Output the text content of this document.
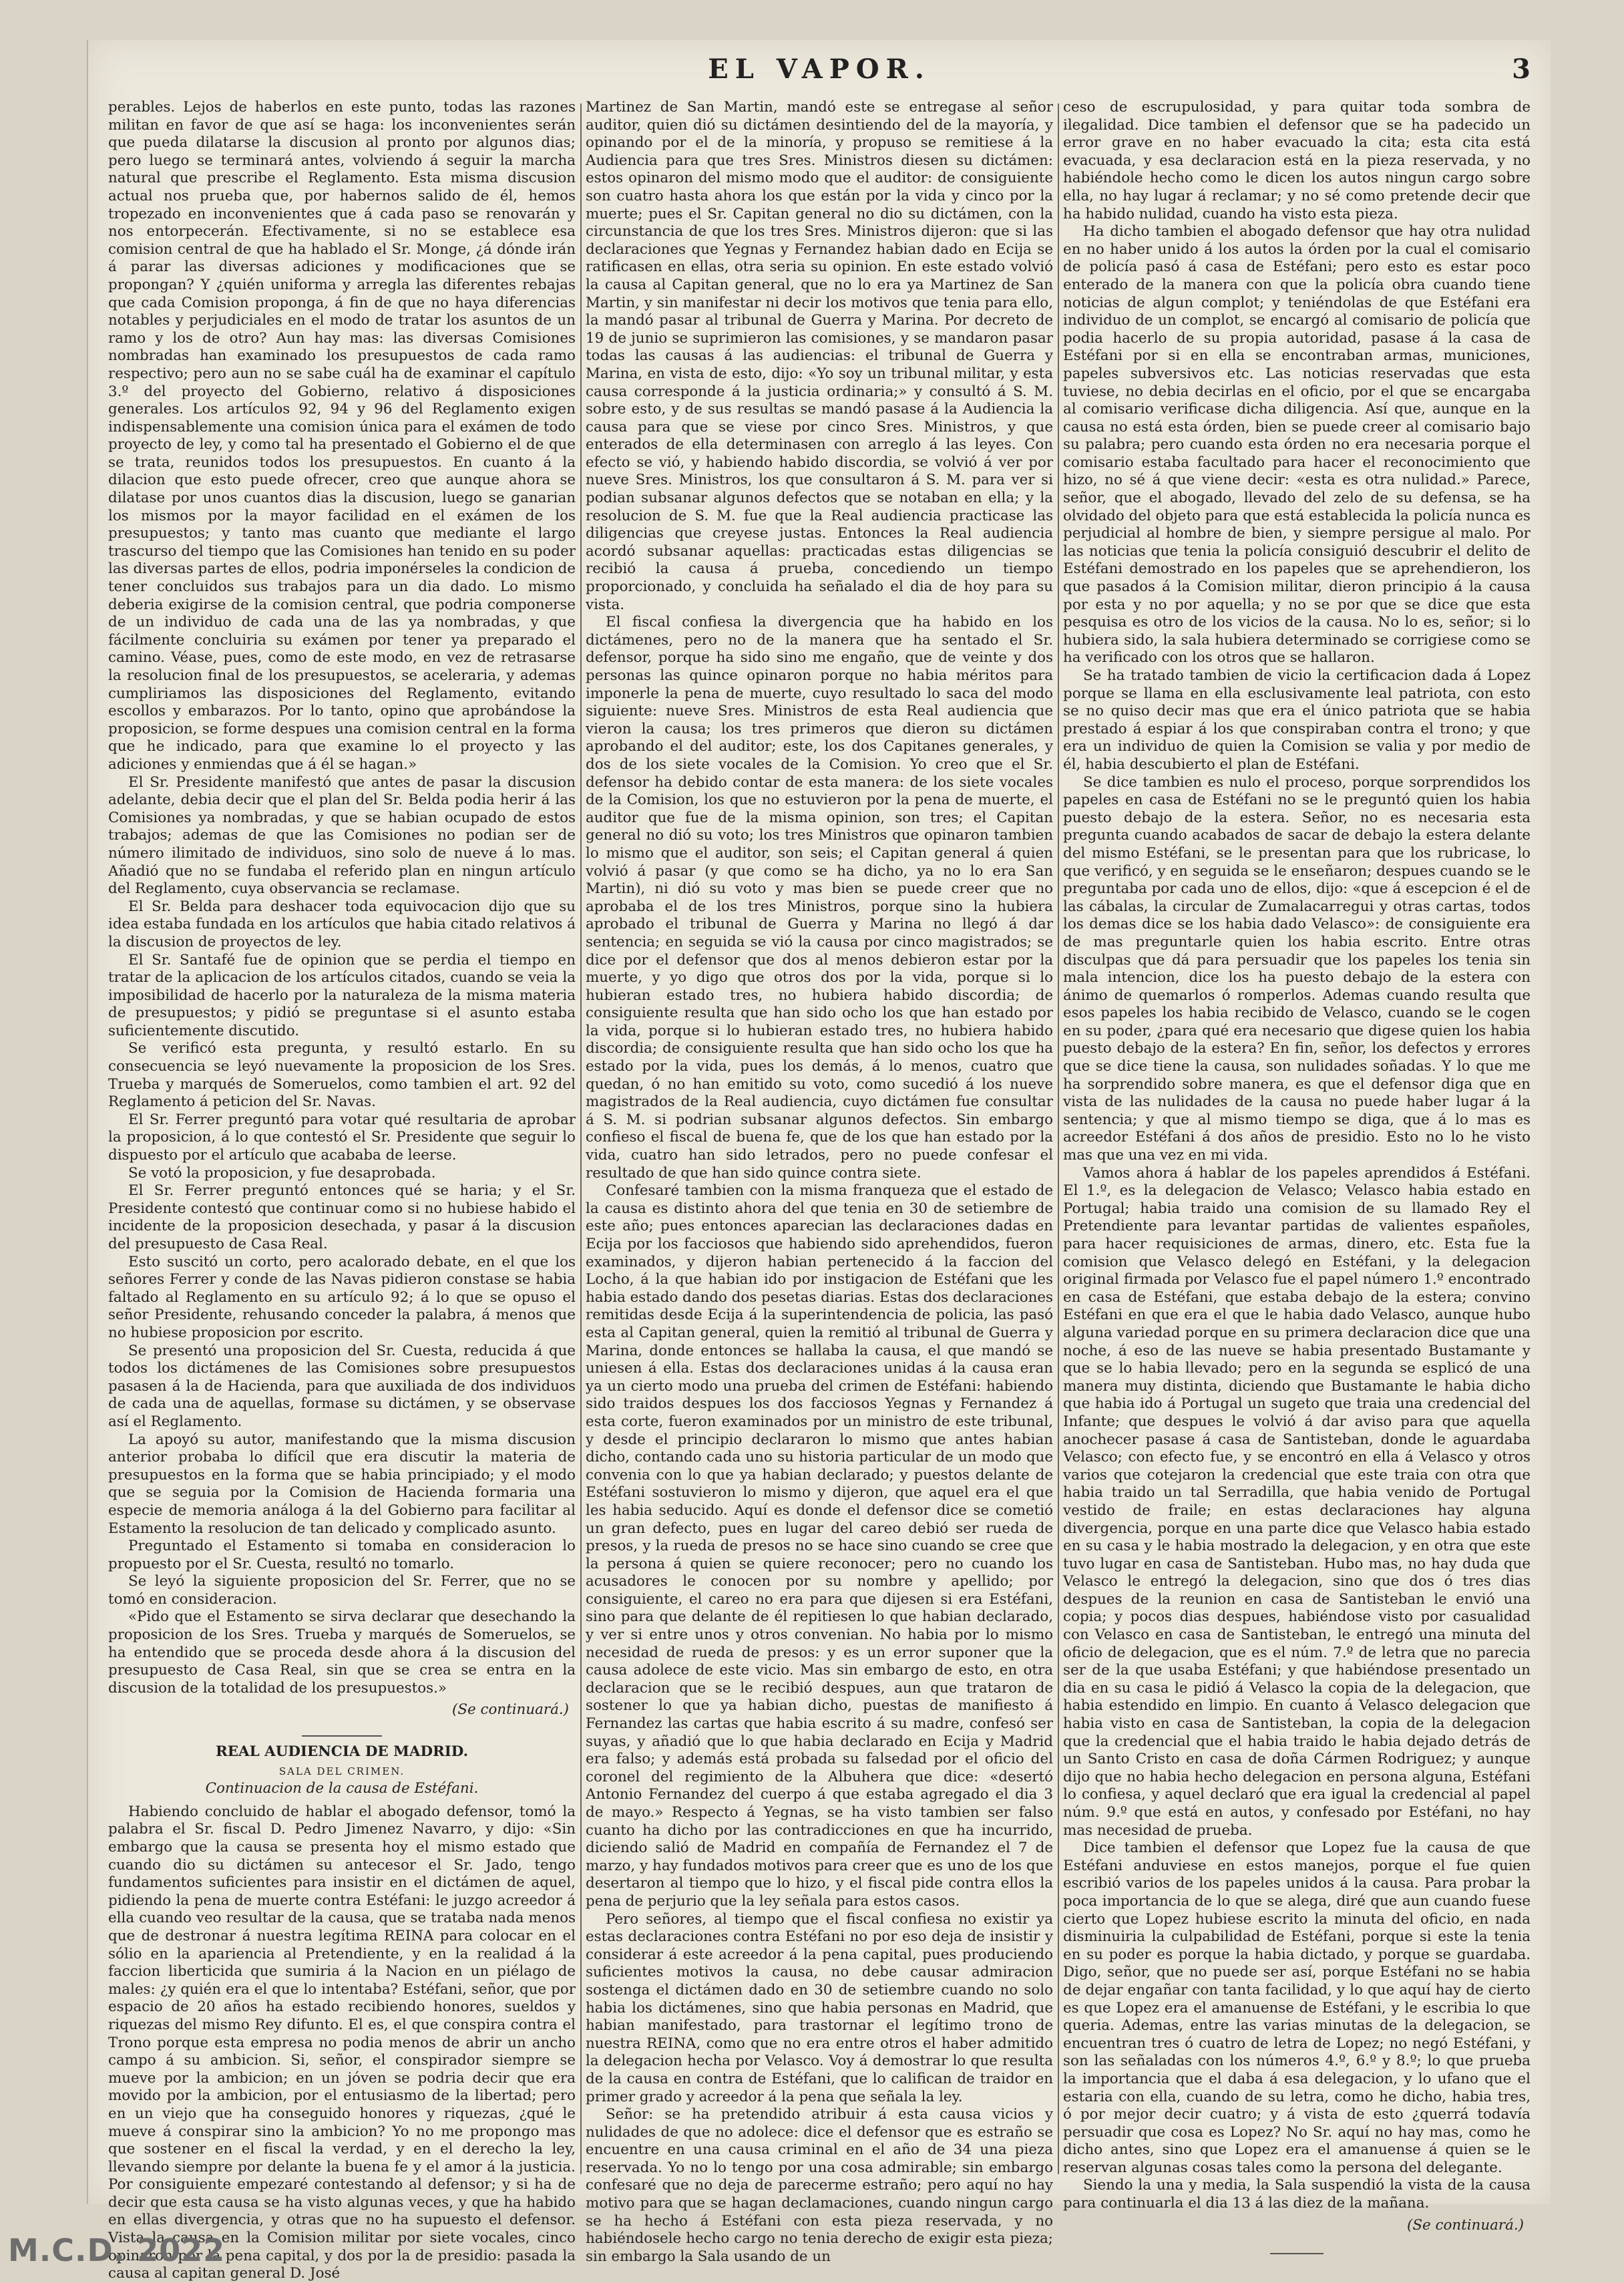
EL VAPOR.	3

perables. Lejos de haberlos en este punto, todas las razones militan en favor de que así se haga: los inconvenientes serán que pueda dilatarse la discusion al pronto por algunos dias; pero luego se terminará antes, volviendo á seguir la marcha natural que prescribe el Reglamento. Esta misma discusion actual nos prueba que, por habernos salido de él, hemos tropezado en inconvenientes que á cada paso se renovarán y nos entorpecerán. Efectivamente, si no se establece esa comision central de que ha hablado el Sr. Monge, ¿á dónde irán á parar las diversas adiciones y modificaciones que se propongan? Y ¿quién uniforma y arregla las diferentes rebajas que cada Comision proponga, á fin de que no haya diferencias notables y perjudiciales en el modo de tratar los asuntos de un ramo y los de otro? Aun hay mas: las diversas Comisiones nombradas han examinado los presupuestos de cada ramo respectivo; pero aun no se sabe cuál ha de examinar el capítulo 3.º del proyecto del Gobierno, relativo á disposiciones generales. Los artículos 92, 94 y 96 del Reglamento exigen indispensablemente una comision única para el exámen de todo proyecto de ley, y como tal ha presentado el Gobierno el de que se trata, reunidos todos los presupuestos. En cuanto á la dilacion que esto puede ofrecer, creo que aunque ahora se dilatase por unos cuantos dias la discusion, luego se ganarian los mismos por la mayor facilidad en el exámen de los presupuestos; y tanto mas cuanto que mediante el largo trascurso del tiempo que las Comisiones han tenido en su poder las diversas partes de ellos, podria imponérseles la condicion de tener concluidos sus trabajos para un dia dado. Lo mismo deberia exigirse de la comision central, que podria componerse de un individuo de cada una de las ya nombradas, y que fácilmente concluiria su exámen por tener ya preparado el camino. Véase, pues, como de este modo, en vez de retrasarse la resolucion final de los presupuestos, se aceleraria, y ademas cumpliriamos las disposiciones del Reglamento, evitando escollos y embarazos. Por lo tanto, opino que aprobándose la proposicion, se forme despues una comision central en la forma que he indicado, para que examine lo el proyecto y las adiciones y enmiendas que á él se hagan.»

El Sr. Presidente manifestó que antes de pasar la discusion adelante, debia decir que el plan del Sr. Belda podia herir á las Comisiones ya nombradas, y que se habian ocupado de estos trabajos; ademas de que las Comisiones no podian ser de número ilimitado de individuos, sino solo de nueve á lo mas. Añadió que no se fundaba el referido plan en ningun artículo del Reglamento, cuya observancia se reclamase.

El Sr. Belda para deshacer toda equivocacion dijo que su idea estaba fundada en los artículos que habia citado relativos á la discusion de proyectos de ley.

El Sr. Santafé fue de opinion que se perdia el tiempo en tratar de la aplicacion de los artículos citados, cuando se veia la imposibilidad de hacerlo por la naturaleza de la misma materia de presupuestos; y pidió se preguntase si el asunto estaba suficientemente discutido.

Se verificó esta pregunta, y resultó estarlo. En su consecuencia se leyó nuevamente la proposicion de los Sres. Trueba y marqués de Someruelos, como tambien el art. 92 del Reglamento á peticion del Sr. Navas.

El Sr. Ferrer preguntó para votar qué resultaria de aprobar la proposicion, á lo que contestó el Sr. Presidente que seguir lo dispuesto por el artículo que acababa de leerse.

Se votó la proposicion, y fue desaprobada.

El Sr. Ferrer preguntó entonces qué se haria; y el Sr. Presidente contestó que continuar como si no hubiese habido el incidente de la proposicion desechada, y pasar á la discusion del presupuesto de Casa Real.

Esto suscitó un corto, pero acalorado debate, en el que los señores Ferrer y conde de las Navas pidieron constase se habia faltado al Reglamento en su artículo 92; á lo que se opuso el señor Presidente, rehusando conceder la palabra, á menos que no hubiese proposicion por escrito.

Se presentó una proposicion del Sr. Cuesta, reducida á que todos los dictámenes de las Comisiones sobre presupuestos pasasen á la de Hacienda, para que auxiliada de dos individuos de cada una de aquellas, formase su dictámen, y se observase así el Reglamento.

La apoyó su autor, manifestando que la misma discusion anterior probaba lo difícil que era discutir la materia de presupuestos en la forma que se habia principiado; y el modo que se seguia por la Comision de Hacienda formaria una especie de memoria análoga á la del Gobierno para facilitar al Estamento la resolucion de tan delicado y complicado asunto.

Preguntado el Estamento si tomaba en consideracion lo propuesto por el Sr. Cuesta, resultó no tomarlo.

Se leyó la siguiente proposicion del Sr. Ferrer, que no se tomó en consideracion.

«Pido que el Estamento se sirva declarar que desechando la proposicion de los Sres. Trueba y marqués de Someruelos, se ha entendido que se proceda desde ahora á la discusion del presupuesto de Casa Real, sin que se crea se entra en la discusion de la totalidad de los presupuestos.»

(Se continuará.)
REAL AUDIENCIA DE MADRID.
SALA DEL CRIMEN.
Continuacion de la causa de Estéfani.

Habiendo concluido de hablar el abogado defensor, tomó la palabra el Sr. fiscal D. Pedro Jimenez Navarro, y dijo: «Sin embargo que la causa se presenta hoy el mismo estado que cuando dio su dictámen su antecesor el Sr. Jado, tengo fundamentos suficientes para insistir en el dictámen de aquel, pidiendo la pena de muerte contra Estéfani: le juzgo acreedor á ella cuando veo resultar de la causa, que se trataba nada menos que de destronar á nuestra legítima REINA para colocar en el sólio en la apariencia al Pretendiente, y en la realidad á la faccion liberticida que sumiria á la Nacion en un piélago de males: ¿y quién era el que lo intentaba? Estéfani, señor, que por espacio de 20 años ha estado recibiendo honores, sueldos y riquezas del mismo Rey difunto. El es, el que conspira contra el Trono porque esta empresa no podia menos de abrir un ancho campo á su ambicion. Si, señor, el conspirador siempre se mueve por la ambicion; en un jóven se podria decir que era movido por la ambicion, por el entusiasmo de la libertad; pero en un viejo que ha conseguido honores y riquezas, ¿qué le mueve á conspirar sino la ambicion? Yo no me propongo mas que sostener en el fiscal la verdad, y en el derecho la ley, llevando siempre por delante la buena fe y el amor á la justicia. Por consiguiente empezaré contestando al defensor; y si ha de decir que esta causa se ha visto algunas veces, y que ha habido en ellas divergencia, y otras que no ha supuesto el defensor. Vista la causa en la Comision militar por siete vocales, cinco opinaron por la pena capital, y dos por la de presidio: pasada la causa al capitan general D. José

Martinez de San Martin, mandó este se entregase al señor auditor, quien dió su dictámen desintiendo del de la mayoría, y opinando por el de la minoría, y propuso se remitiese á la Audiencia para que tres Sres. Ministros diesen su dictámen: estos opinaron del mismo modo que el auditor: de consiguiente son cuatro hasta ahora los que están por la vida y cinco por la muerte; pues el Sr. Capitan general no dio su dictámen, con la circunstancia de que los tres Sres. Ministros dijeron: que si las declaraciones que Yegnas y Fernandez habian dado en Ecija se ratificasen en ellas, otra seria su opinion. En este estado volvió la causa al Capitan general, que no lo era ya Martinez de San Martin, y sin manifestar ni decir los motivos que tenia para ello, la mandó pasar al tribunal de Guerra y Marina. Por decreto de 19 de junio se suprimieron las comisiones, y se mandaron pasar todas las causas á las audiencias: el tribunal de Guerra y Marina, en vista de esto, dijo: «Yo soy un tribunal militar, y esta causa corresponde á la justicia ordinaria;» y consultó á S. M. sobre esto, y de sus resultas se mandó pasase á la Audiencia la causa para que se viese por cinco Sres. Ministros, y que enterados de ella determinasen con arreglo á las leyes. Con efecto se vió, y habiendo habido discordia, se volvió á ver por nueve Sres. Ministros, los que consultaron á S. M. para ver si podian subsanar algunos defectos que se notaban en ella; y la resolucion de S. M. fue que la Real audiencia practicase las diligencias que creyese justas. Entonces la Real audiencia acordó subsanar aquellas: practicadas estas diligencias se recibió la causa á prueba, concediendo un tiempo proporcionado, y concluida ha señalado el dia de hoy para su vista.

El fiscal confiesa la divergencia que ha habido en los dictámenes, pero no de la manera que ha sentado el Sr. defensor, porque ha sido sino me engaño, que de veinte y dos personas las quince opinaron porque no habia méritos para imponerle la pena de muerte, cuyo resultado lo saca del modo siguiente: nueve Sres. Ministros de esta Real audiencia que vieron la causa; los tres primeros que dieron su dictámen aprobando el del auditor; este, los dos Capitanes generales, y dos de los siete vocales de la Comision. Yo creo que el Sr. defensor ha debido contar de esta manera: de los siete vocales de la Comision, los que no estuvieron por la pena de muerte, el auditor que fue de la misma opinion, son tres; el Capitan general no dió su voto; los tres Ministros que opinaron tambien lo mismo que el auditor, son seis; el Capitan general á quien volvió á pasar (y que como se ha dicho, ya no lo era San Martin), ni dió su voto y mas bien se puede creer que no aprobaba el de los tres Ministros, porque sino la hubiera aprobado el tribunal de Guerra y Marina no llegó á dar sentencia; en seguida se vió la causa por cinco magistrados; se dice por el defensor que dos al menos debieron estar por la muerte, y yo digo que otros dos por la vida, porque si lo hubieran estado tres, no hubiera habido discordia; de consiguiente resulta que han sido ocho los que han estado por la vida, porque si lo hubieran estado tres, no hubiera habido discordia; de consiguiente resulta que han sido ocho los que ha estado por la vida, pues los demás, á lo menos, cuatro que quedan, ó no han emitido su voto, como sucedió á los nueve magistrados de la Real audiencia, cuyo dictámen fue consultar á S. M. si podrian subsanar algunos defectos. Sin embargo confieso el fiscal de buena fe, que de los que han estado por la vida, cuatro han sido letrados, pero no puede confesar el resultado de que han sido quince contra siete.

Confesaré tambien con la misma franqueza que el estado de la causa es distinto ahora del que tenia en 30 de setiembre de este año; pues entonces aparecian las declaraciones dadas en Ecija por los facciosos que habiendo sido aprehendidos, fueron examinados, y dijeron habian pertenecido á la faccion del Locho, á la que habian ido por instigacion de Estéfani que les habia estado dando dos pesetas diarias. Estas dos declaraciones remitidas desde Ecija á la superintendencia de policia, las pasó esta al Capitan general, quien la remitió al tribunal de Guerra y Marina, donde entonces se hallaba la causa, el que mandó se uniesen á ella. Estas dos declaraciones unidas á la causa eran ya un cierto modo una prueba del crimen de Estéfani: habiendo sido traidos despues los dos facciosos Yegnas y Fernandez á esta corte, fueron examinados por un ministro de este tribunal, y desde el principio declararon lo mismo que antes habian dicho, contando cada uno su historia particular de un modo que convenia con lo que ya habian declarado; y puestos delante de Estéfani sostuvieron lo mismo y dijeron, que aquel era el que les habia seducido. Aquí es donde el defensor dice se cometió un gran defecto, pues en lugar del careo debió ser rueda de presos, y la rueda de presos no se hace sino cuando se cree que la persona á quien se quiere reconocer; pero no cuando los acusadores le conocen por su nombre y apellido; por consiguiente, el careo no era para que dijesen si era Estéfani, sino para que delante de él repitiesen lo que habian declarado, y ver si entre unos y otros convenian. No habia por lo mismo necesidad de rueda de presos: y es un error suponer que la causa adolece de este vicio. Mas sin embargo de esto, en otra declaracion que se le recibió despues, aun que trataron de sostener lo que ya habian dicho, puestas de manifiesto á Fernandez las cartas que habia escrito á su madre, confesó ser suyas, y añadió que lo que habia declarado en Ecija y Madrid era falso; y además está probada su falsedad por el oficio del coronel del regimiento de la Albuhera que dice: «desertó Antonio Fernandez del cuerpo á que estaba agregado el dia 3 de mayo.» Respecto á Yegnas, se ha visto tambien ser falso cuanto ha dicho por las contradicciones en que ha incurrido, diciendo salió de Madrid en compañía de Fernandez el 7 de marzo, y hay fundados motivos para creer que es uno de los que desertaron al tiempo que lo hizo, y el fiscal pide contra ellos la pena de perjurio que la ley señala para estos casos.

Pero señores, al tiempo que el fiscal confiesa no existir ya estas declaraciones contra Estéfani no por eso deja de insistir y considerar á este acreedor á la pena capital, pues produciendo suficientes motivos la causa, no debe causar admiracion sostenga el dictámen dado en 30 de setiembre cuando no solo habia los dictámenes, sino que habia personas en Madrid, que habian manifestado, para trastornar el legítimo trono de nuestra REINA, como que no era entre otros el haber admitido la delegacion hecha por Velasco. Voy á demostrar lo que resulta de la causa en contra de Estéfani, que lo califican de traidor en primer grado y acreedor á la pena que señala la ley.

Señor: se ha pretendido atribuir á esta causa vicios y nulidades de que no adolece: dice el defensor que es estraño se encuentre en una causa criminal en el año de 34 una pieza reservada. Yo no lo tengo por una cosa admirable; sin embargo confesaré que no deja de parecerme estraño; pero aquí no hay motivo para que se hagan declamaciones, cuando ningun cargo se ha hecho á Estéfani con esta pieza reservada, y no habiéndosele hecho cargo no tenia derecho de exigir esta pieza; sin embargo la Sala usando de un

ceso de escrupulosidad, y para quitar toda sombra de ilegalidad. Dice tambien el defensor que se ha padecido un error grave en no haber evacuado la cita; esta cita está evacuada, y esa declaracion está en la pieza reservada, y no habiéndole hecho como le dicen los autos ningun cargo sobre ella, no hay lugar á reclamar; y no sé como pretende decir que ha habido nulidad, cuando ha visto esta pieza.

Ha dicho tambien el abogado defensor que hay otra nulidad en no haber unido á los autos la órden por la cual el comisario de policía pasó á casa de Estéfani; pero esto es estar poco enterado de la manera con que la policía obra cuando tiene noticias de algun complot; y teniéndolas de que Estéfani era individuo de un complot, se encargó al comisario de policía que podia hacerlo de su propia autoridad, pasase á la casa de Estéfani por si en ella se encontraban armas, municiones, papeles subversivos etc. Las noticias reservadas que esta tuviese, no debia decirlas en el oficio, por el que se encargaba al comisario verificase dicha diligencia. Así que, aunque en la causa no está esta órden, bien se puede creer al comisario bajo su palabra; pero cuando esta órden no era necesaria porque el comisario estaba facultado para hacer el reconocimiento que hizo, no sé á que viene decir: «esta es otra nulidad.» Parece, señor, que el abogado, llevado del zelo de su defensa, se ha olvidado del objeto para que está establecida la policía nunca es perjudicial al hombre de bien, y siempre persigue al malo. Por las noticias que tenia la policía consiguió descubrir el delito de Estéfani demostrado en los papeles que se aprehendieron, los que pasados á la Comision militar, dieron principio á la causa por esta y no por aquella; y no se por que se dice que esta pesquisa es otro de los vicios de la causa. No lo es, señor; si lo hubiera sido, la sala hubiera determinado se corrigiese como se ha verificado con los otros que se hallaron.

Se ha tratado tambien de vicio la certificacion dada á Lopez porque se llama en ella esclusivamente leal patriota, con esto se no quiso decir mas que era el único patriota que se habia prestado á espiar á los que conspiraban contra el trono; y que era un individuo de quien la Comision se valia y por medio de él, habia descubierto el plan de Estéfani.

Se dice tambien es nulo el proceso, porque sorprendidos los papeles en casa de Estéfani no se le preguntó quien los habia puesto debajo de la estera. Señor, no es necesaria esta pregunta cuando acabados de sacar de debajo la estera delante del mismo Estéfani, se le presentan para que los rubricase, lo que verificó, y en seguida se le enseñaron; despues cuando se le preguntaba por cada uno de ellos, dijo: «que á escepcion é el de las cábalas, la circular de Zumalacarregui y otras cartas, todos los demas dice se los habia dado Velasco»: de consiguiente era de mas preguntarle quien los habia escrito. Entre otras disculpas que dá para persuadir que los papeles los tenia sin mala intencion, dice los ha puesto debajo de la estera con ánimo de quemarlos ó romperlos. Ademas cuando resulta que esos papeles los habia recibido de Velasco, cuando se le cogen en su poder, ¿para qué era necesario que digese quien los habia puesto debajo de la estera? En fin, señor, los defectos y errores que se dice tiene la causa, son nulidades soñadas. Y lo que me ha sorprendido sobre manera, es que el defensor diga que en vista de las nulidades de la causa no puede haber lugar á la sentencia; y que al mismo tiempo se diga, que á lo mas es acreedor Estéfani á dos años de presidio. Esto no lo he visto mas que una vez en mi vida.

Vamos ahora á hablar de los papeles aprendidos á Estéfani. El 1.º, es la delegacion de Velasco; Velasco habia estado en Portugal; habia traido una comision de su llamado Rey el Pretendiente para levantar partidas de valientes españoles, para hacer requisiciones de armas, dinero, etc. Esta fue la comision que Velasco delegó en Estéfani, y la delegacion original firmada por Velasco fue el papel número 1.º encontrado en casa de Estéfani, que estaba debajo de la estera; convino Estéfani en que era el que le habia dado Velasco, aunque hubo alguna variedad porque en su primera declaracion dice que una noche, á eso de las nueve se habia presentado Bustamante y que se lo habia llevado; pero en la segunda se esplicó de una manera muy distinta, diciendo que Bustamante le habia dicho que habia ido á Portugal un sugeto que traia una credencial del Infante; que despues le volvió á dar aviso para que aquella anochecer pasase á casa de Santisteban, donde le aguardaba Velasco; con efecto fue, y se encontró en ella á Velasco y otros varios que cotejaron la credencial que este traia con otra que habia traido un tal Serradilla, que habia venido de Portugal vestido de fraile; en estas declaraciones hay alguna divergencia, porque en una parte dice que Velasco habia estado en su casa y le habia mostrado la delegacion, y en otra que este tuvo lugar en casa de Santisteban. Hubo mas, no hay duda que Velasco le entregó la delegacion, sino que dos ó tres dias despues de la reunion en casa de Santisteban le envió una copia; y pocos dias despues, habiéndose visto por casualidad con Velasco en casa de Santisteban, le entregó una minuta del oficio de delegacion, que es el núm. 7.º de letra que no parecia ser de la que usaba Estéfani; y que habiéndose presentado un dia en su casa le pidió á Velasco la copia de la delegacion, que habia estendido en limpio. En cuanto á Velasco delegacion que habia visto en casa de Santisteban, la copia de la delegacion que la credencial que el habia traido le habia dejado detrás de un Santo Cristo en casa de doña Cármen Rodriguez; y aunque dijo que no habia hecho delegacion en persona alguna, Estéfani lo confiesa, y aquel declaró que era igual la credencial al papel núm. 9.º que está en autos, y confesado por Estéfani, no hay mas necesidad de prueba.

Dice tambien el defensor que Lopez fue la causa de que Estéfani anduviese en estos manejos, porque el fue quien escribió varios de los papeles unidos á la causa. Para probar la poca importancia de lo que se alega, diré que aun cuando fuese cierto que Lopez hubiese escrito la minuta del oficio, en nada disminuiria la culpabilidad de Estéfani, porque si este la tenia en su poder es porque la habia dictado, y porque se guardaba. Digo, señor, que no puede ser así, porque Estéfani no se habia de dejar engañar con tanta facilidad, y lo que aquí hay de cierto es que Lopez era el amanuense de Estéfani, y le escribia lo que queria. Ademas, entre las varias minutas de la delegacion, se encuentran tres ó cuatro de letra de Lopez; no negó Estéfani, y son las señaladas con los números 4.º, 6.º y 8.º; lo que prueba la importancia que el daba á esa delegacion, y lo ufano que el estaria con ella, cuando de su letra, como he dicho, habia tres, ó por mejor decir cuatro; y á vista de esto ¿querrá todavía persuadir que cosa es Lopez? No Sr. aquí no hay mas, como he dicho antes, sino que Lopez era el amanuense á quien se le reservan algunas cosas tales como la persona del delegante.

Siendo la una y media, la Sala suspendió la vista de la causa para continuarla el dia 13 á las diez de la mañana.

(Se continuará.)
M.C.D. 2022
